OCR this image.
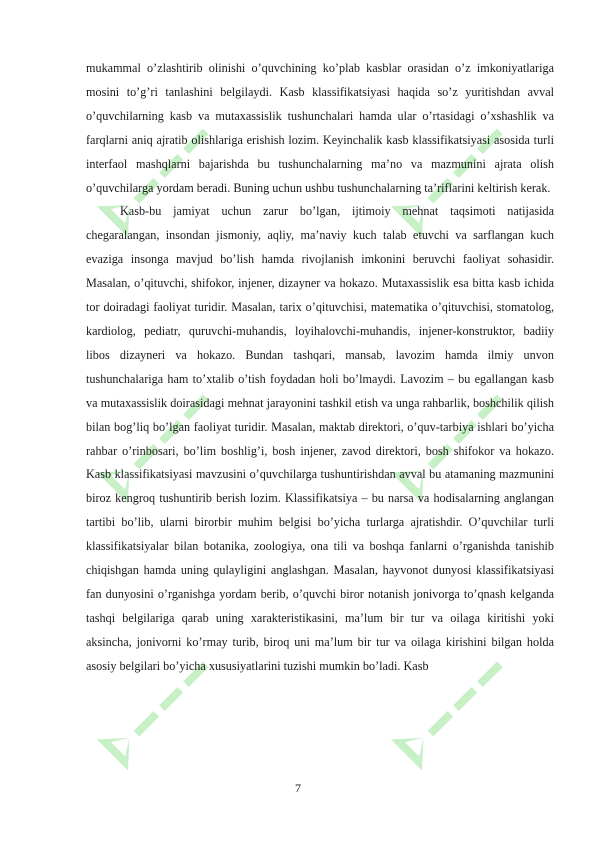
mukammal o’zlashtirib olinishi o’quvchining ko’plab kasblar orasidan o’z imkoniyatlariga mosini to’g’ri tanlashini belgilaydi. Kasb klassifikatsiyasi haqida so’z yuritishdan avval o’quvchilarning kasb va mutaxassislik tushunchalari hamda ular o’rtasidagi o’xshashlik va farqlarni aniq ajratib olishlariga erishish lozim. Keyinchalik kasb klassifikatsiyasi asosida turli interfaol mashqlarni bajarishda bu tushunchalarning ma’no va mazmunini ajrata olish o’quvchilarga yordam beradi. Buning uchun ushbu tushunchalarning ta’riflarini keltirish kerak.

Kasb-bu jamiyat uchun zarur bo’lgan, ijtimoiy mehnat taqsimoti natijasida chegaralangan, insondan jismoniy, aqliy, ma’naviy kuch talab etuvchi va sarflangan kuch evaziga insonga mavjud bo’lish hamda rivojlanish imkonini beruvchi faoliyat sohasidir. Masalan, o’qituvchi, shifokor, injener, dizayner va hokazo. Mutaxassislik esa bitta kasb ichida tor doiradagi faoliyat turidir. Masalan, tarix o’qituvchisi, matematika o’qituvchisi, stomatolog, kardiolog, pediatr, quruvchi-muhandis, loyihalovchi-muhandis, injener-konstruktor, badiiy libos dizayneri va hokazo. Bundan tashqari, mansab, lavozim hamda ilmiy unvon tushunchalariga ham to’xtalib o’tish foydadan holi bo’lmaydi. Lavozim – bu egallangan kasb va mutaxassislik doirasidagi mehnat jarayonini tashkil etish va unga rahbarlik, boshchilik qilish bilan bog’liq bo’lgan faoliyat turidir. Masalan, maktab direktori, o’quv-tarbiya ishlari bo’yicha rahbar o’rinbosari, bo’lim boshlig’i, bosh injener, zavod direktori, bosh shifokor va hokazo. Kasb klassifikatsiyasi mavzusini o’quvchilarga tushuntirishdan avval bu atamaning mazmunini biroz kengroq tushuntirib berish lozim. Klassifikatsiya – bu narsa va hodisalarning anglangan tartibi bo’lib, ularni birorbir muhim belgisi bo’yicha turlarga ajratishdir. O’quvchilar turli klassifikatsiyalar bilan botanika, zoologiya, ona tili va boshqa fanlarni o’rganishda tanishib chiqishgan hamda uning qulayligini anglashgan. Masalan, hayvonot dunyosi klassifikatsiyasi fan dunyosini o’rganishga yordam berib, o’quvchi biror notanish jonivorga to’qnash kelganda tashqi belgilariga qarab uning xarakteristikasini, ma’lum bir tur va oilaga kiritishi yoki aksincha, jonivorni ko’rmay turib, biroq uni ma’lum bir tur va oilaga kirishini bilgan holda asosiy belgilari bo’yicha xususiyatlarini tuzishi mumkin bo’ladi. Kasb

7
